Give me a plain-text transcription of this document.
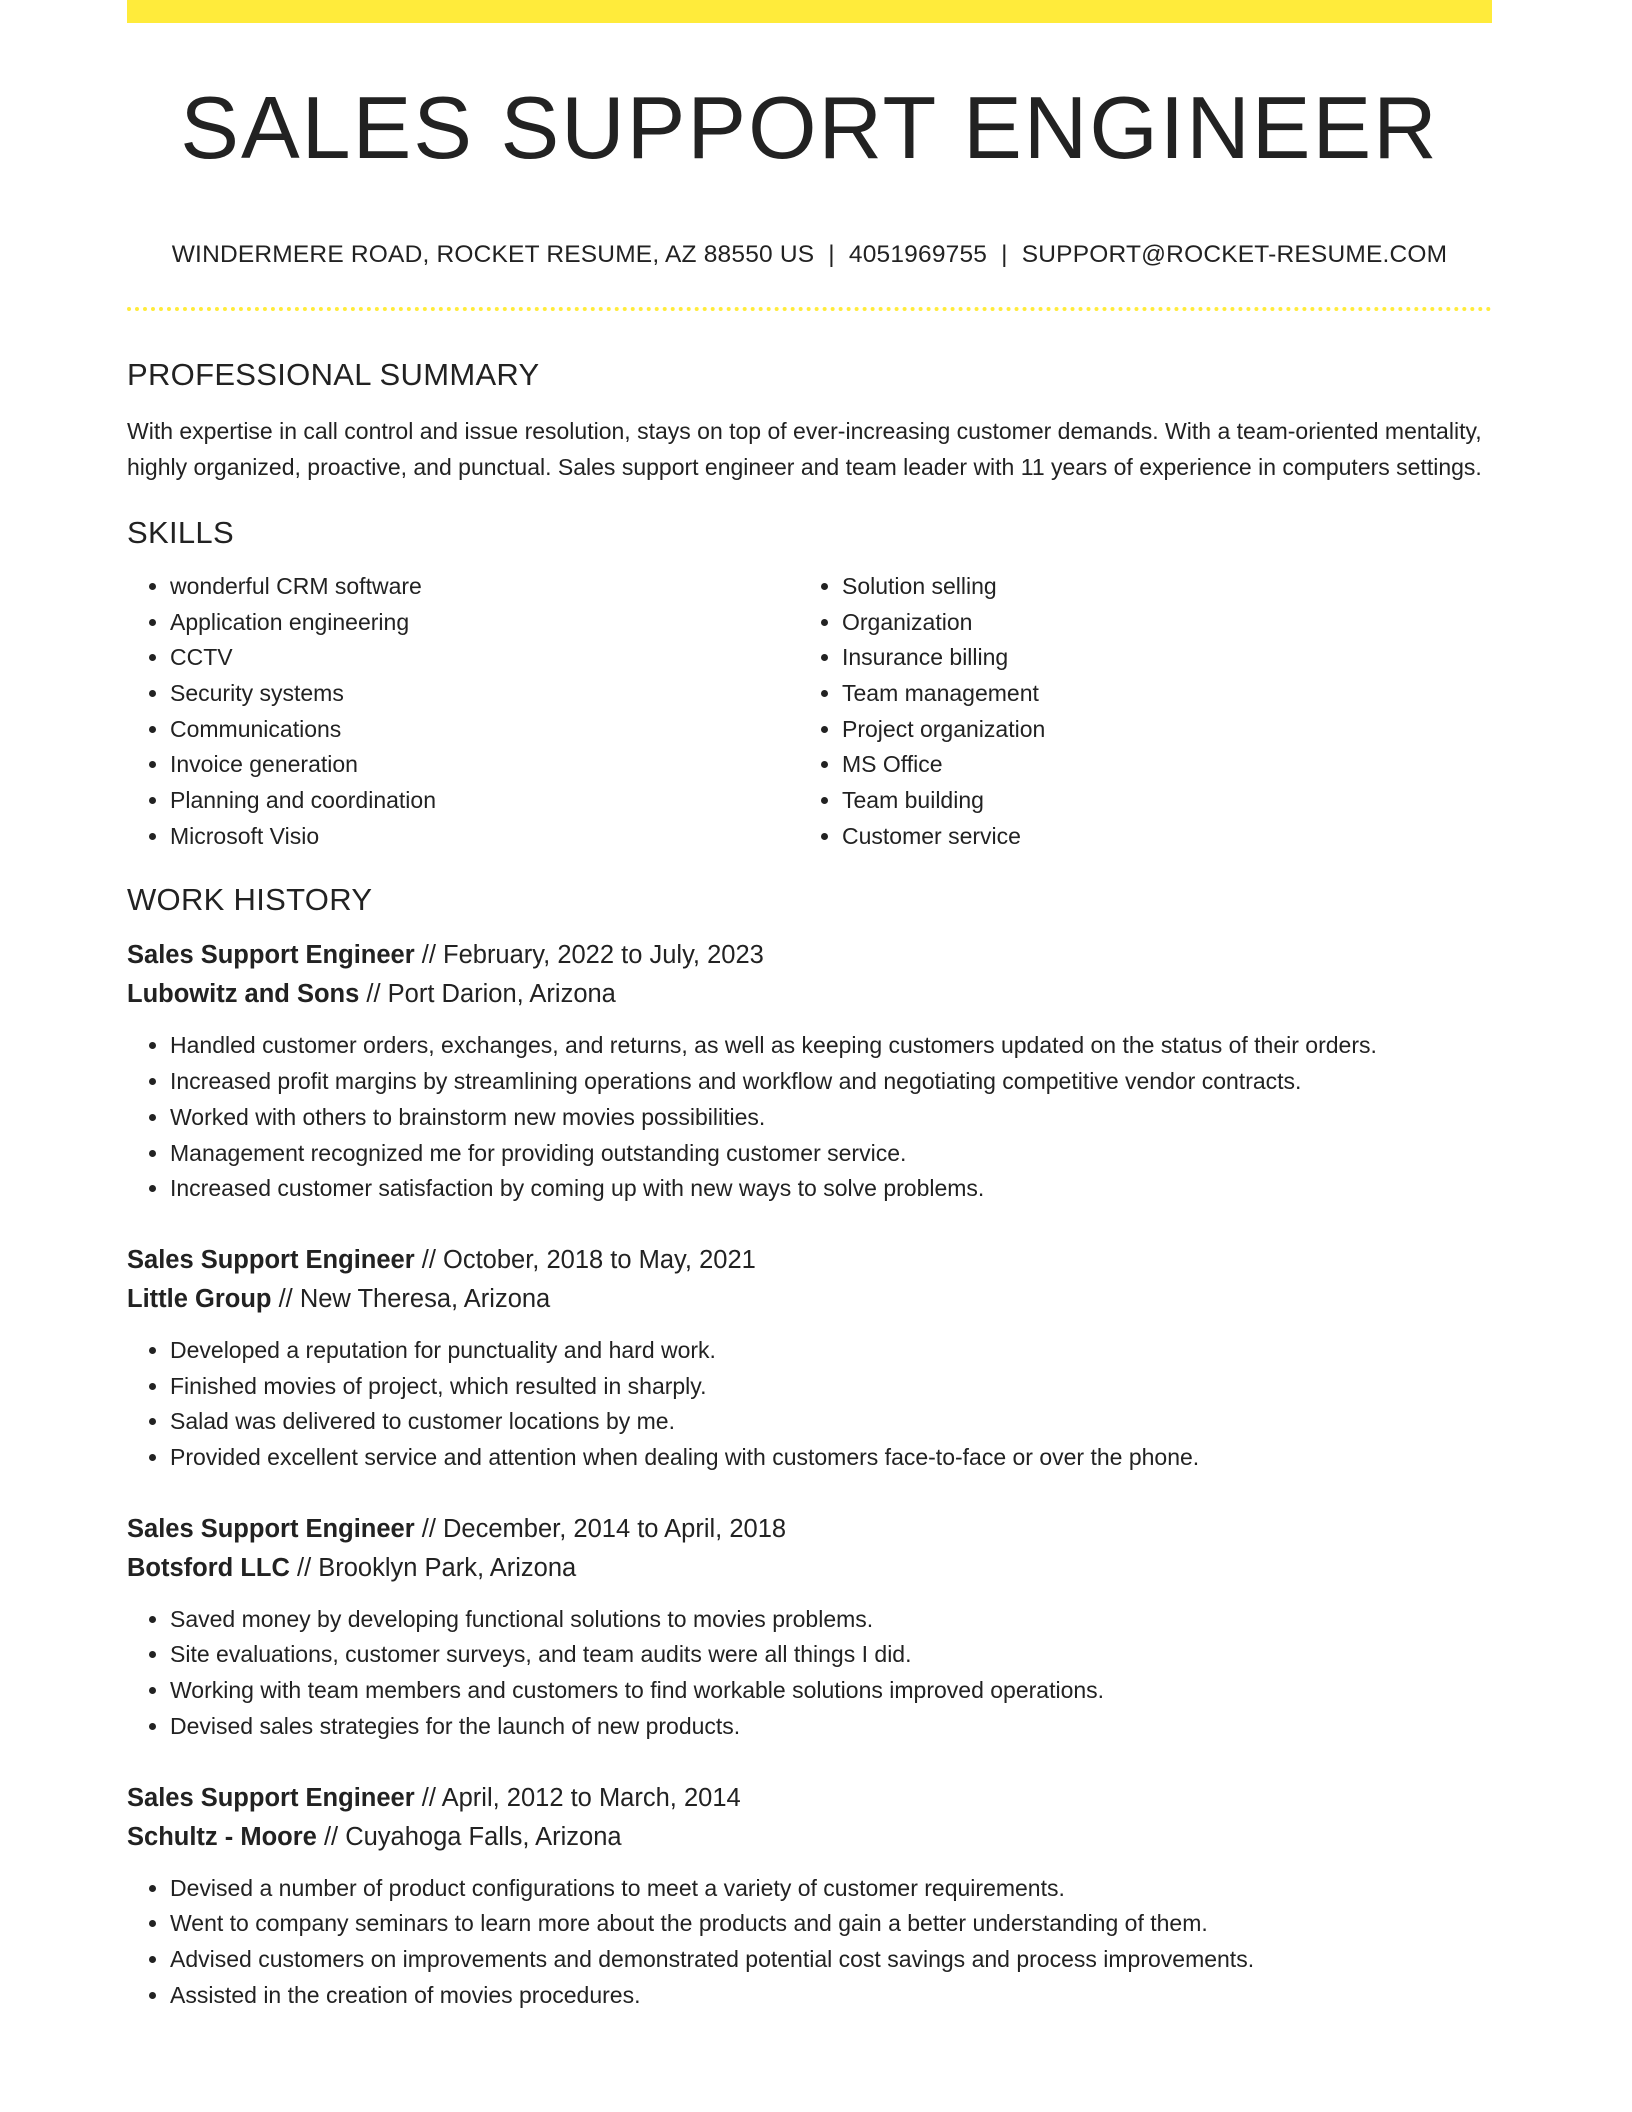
SALES SUPPORT ENGINEER
WINDERMERE ROAD, ROCKET RESUME, AZ 88550 US | 4051969755 | SUPPORT@ROCKET-RESUME.COM
PROFESSIONAL SUMMARY
With expertise in call control and issue resolution, stays on top of ever-increasing customer demands. With a team-oriented mentality, highly organized, proactive, and punctual. Sales support engineer and team leader with 11 years of experience in computers settings.
SKILLS
• wonderful CRM software
• Application engineering
• CCTV
• Security systems
• Communications
• Invoice generation
• Planning and coordination
• Microsoft Visio
• Solution selling
• Organization
• Insurance billing
• Team management
• Project organization
• MS Office
• Team building
• Customer service
WORK HISTORY
Sales Support Engineer // February, 2022 to July, 2023
Lubowitz and Sons // Port Darion, Arizona
• Handled customer orders, exchanges, and returns, as well as keeping customers updated on the status of their orders.
• Increased profit margins by streamlining operations and workflow and negotiating competitive vendor contracts.
• Worked with others to brainstorm new movies possibilities.
• Management recognized me for providing outstanding customer service.
• Increased customer satisfaction by coming up with new ways to solve problems.
Sales Support Engineer // October, 2018 to May, 2021
Little Group // New Theresa, Arizona
• Developed a reputation for punctuality and hard work.
• Finished movies of project, which resulted in sharply.
• Salad was delivered to customer locations by me.
• Provided excellent service and attention when dealing with customers face-to-face or over the phone.
Sales Support Engineer // December, 2014 to April, 2018
Botsford LLC // Brooklyn Park, Arizona
• Saved money by developing functional solutions to movies problems.
• Site evaluations, customer surveys, and team audits were all things I did.
• Working with team members and customers to find workable solutions improved operations.
• Devised sales strategies for the launch of new products.
Sales Support Engineer // April, 2012 to March, 2014
Schultz - Moore // Cuyahoga Falls, Arizona
• Devised a number of product configurations to meet a variety of customer requirements.
• Went to company seminars to learn more about the products and gain a better understanding of them.
• Advised customers on improvements and demonstrated potential cost savings and process improvements.
• Assisted in the creation of movies procedures.
